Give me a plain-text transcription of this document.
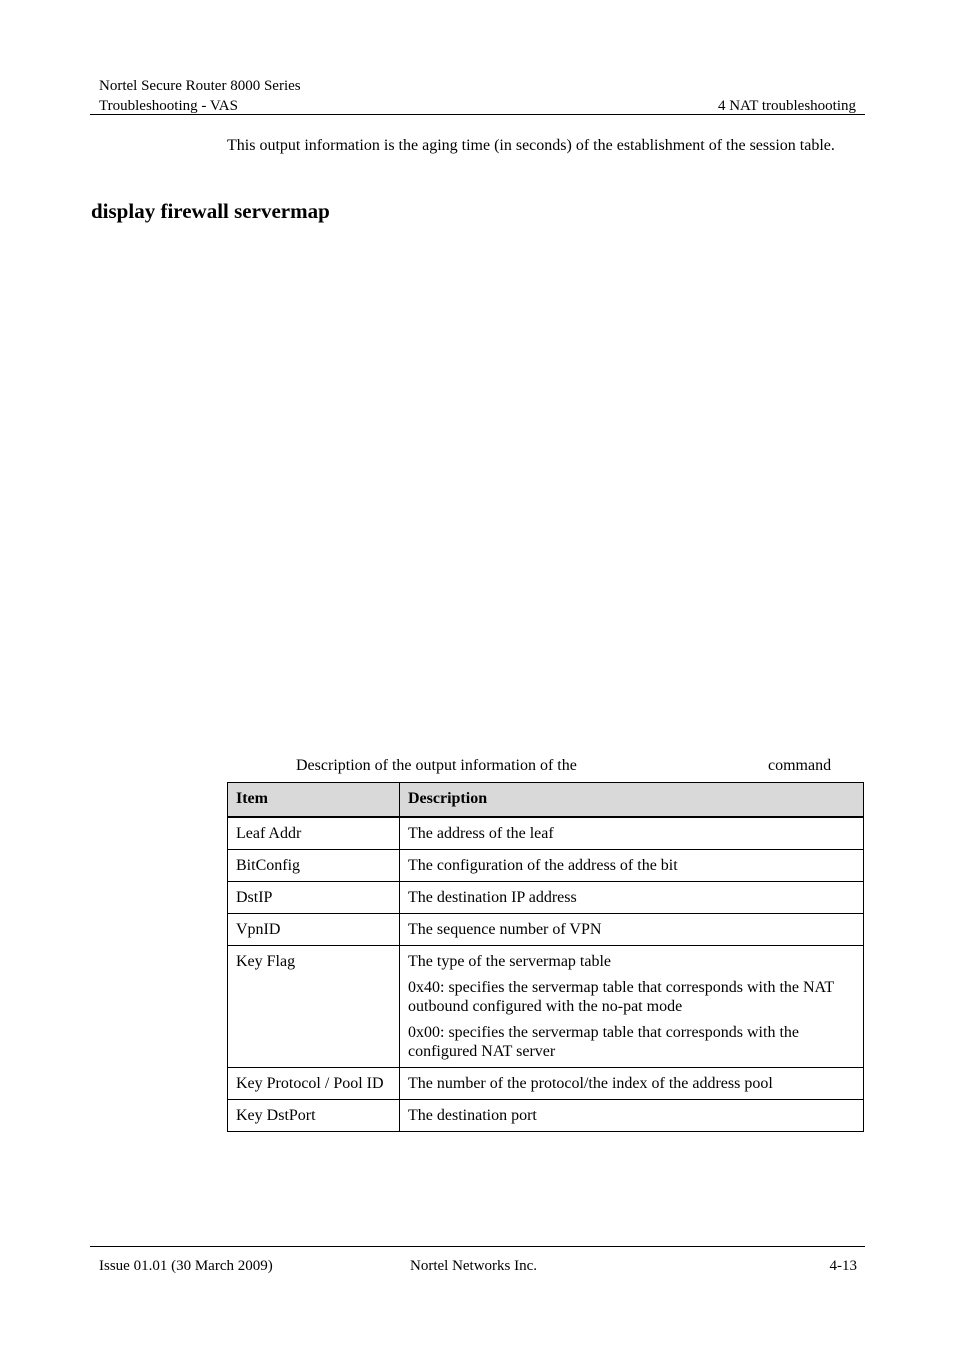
Nortel Secure Router 8000 Series
Troubleshooting - VAS	4 NAT troubleshooting
This output information is the aging time (in seconds) of the establishment of the session table.
display firewall servermap
Description of the output information of the	command
Item	Description
Leaf Addr	The address of the leaf

BitConfig	The configuration of the address of the bit

DstIP	The destination IP address

VpnID	The sequence number of VPN

Key Flag	The type of the servermap table

0x40: specifies the servermap table that corresponds with the NAT outbound configured with the no-pat mode

0x00: specifies the servermap table that corresponds with the configured NAT server

Key Protocol / Pool ID	The number of the protocol/the index of the address pool

Key DstPort	The destination port

Issue 01.01 (30 March 2009)	Nortel Networks Inc.	4-13
